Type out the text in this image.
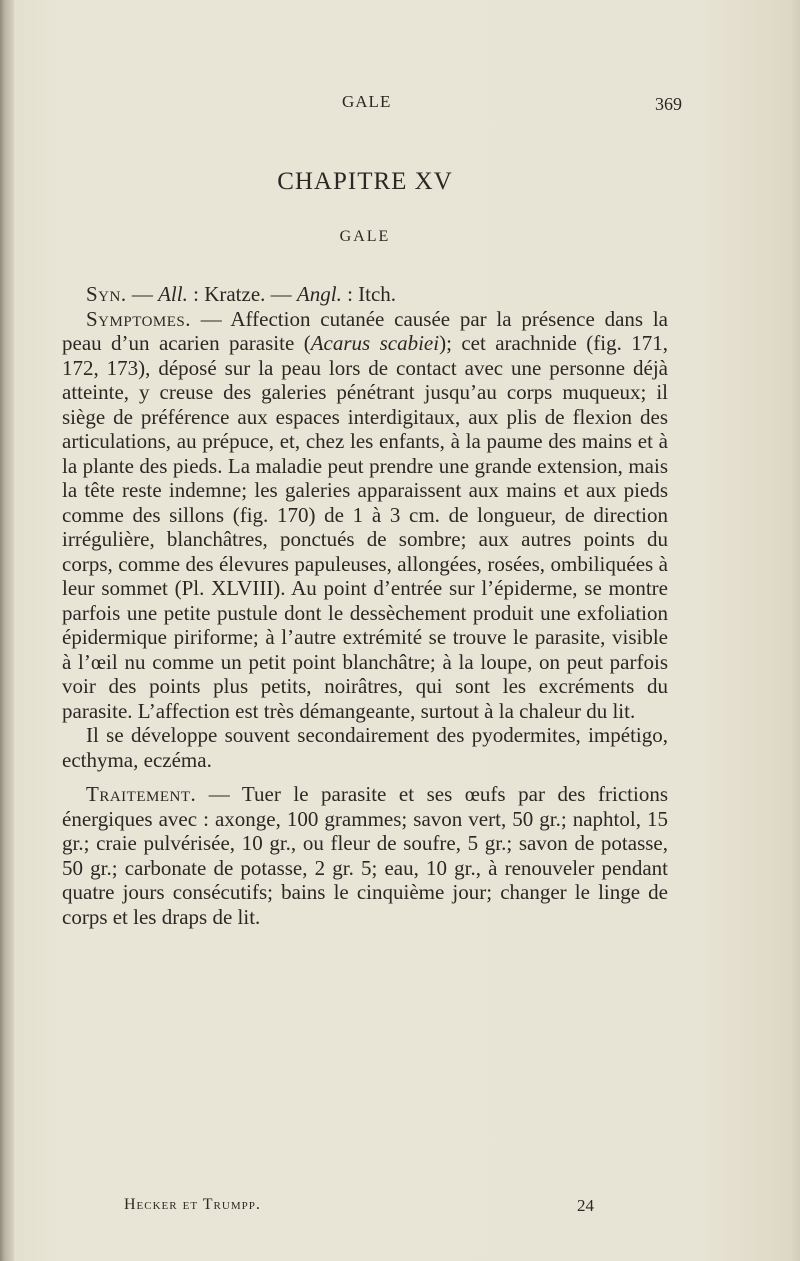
GALE	369
CHAPITRE XV
GALE

Syn. — All. : Kratze. — Angl. : Itch.

Symptomes. — Affection cutanée causée par la présence dans la peau d’un acarien parasite (Acarus scabiei); cet arachnide (fig. 171, 172, 173), déposé sur la peau lors de contact avec une personne déjà atteinte, y creuse des galeries pénétrant jusqu’au corps muqueux; il siège de préférence aux espaces interdigitaux, aux plis de flexion des articulations, au prépuce, et, chez les enfants, à la paume des mains et à la plante des pieds. La maladie peut prendre une grande extension, mais la tête reste indemne; les galeries apparaissent aux mains et aux pieds comme des sillons (fig. 170) de 1 à 3 cm. de longueur, de direction irrégulière, blanchâtres, ponctués de sombre; aux autres points du corps, comme des élevures papuleuses, allongées, rosées, ombiliquées à leur sommet (Pl. XLVIII). Au point d’entrée sur l’épiderme, se montre parfois une petite pustule dont le dessèchement produit une exfoliation épidermique piriforme; à l’autre extrémité se trouve le parasite, visible à l’œil nu comme un petit point blanchâtre; à la loupe, on peut parfois voir des points plus petits, noirâtres, qui sont les excréments du parasite. L’affection est très démangeante, surtout à la chaleur du lit.

Il se développe souvent secondairement des pyodermites, impétigo, ecthyma, eczéma.

Traitement. — Tuer le parasite et ses œufs par des frictions énergiques avec : axonge, 100 grammes; savon vert, 50 gr.; naphtol, 15 gr.; craie pulvérisée, 10 gr., ou fleur de soufre, 5 gr.; savon de potasse, 50 gr.; carbonate de potasse, 2 gr. 5; eau, 10 gr., à renouveler pendant quatre jours consécutifs; bains le cinquième jour; changer le linge de corps et les draps de lit.

Hecker et Trumpp.	24
